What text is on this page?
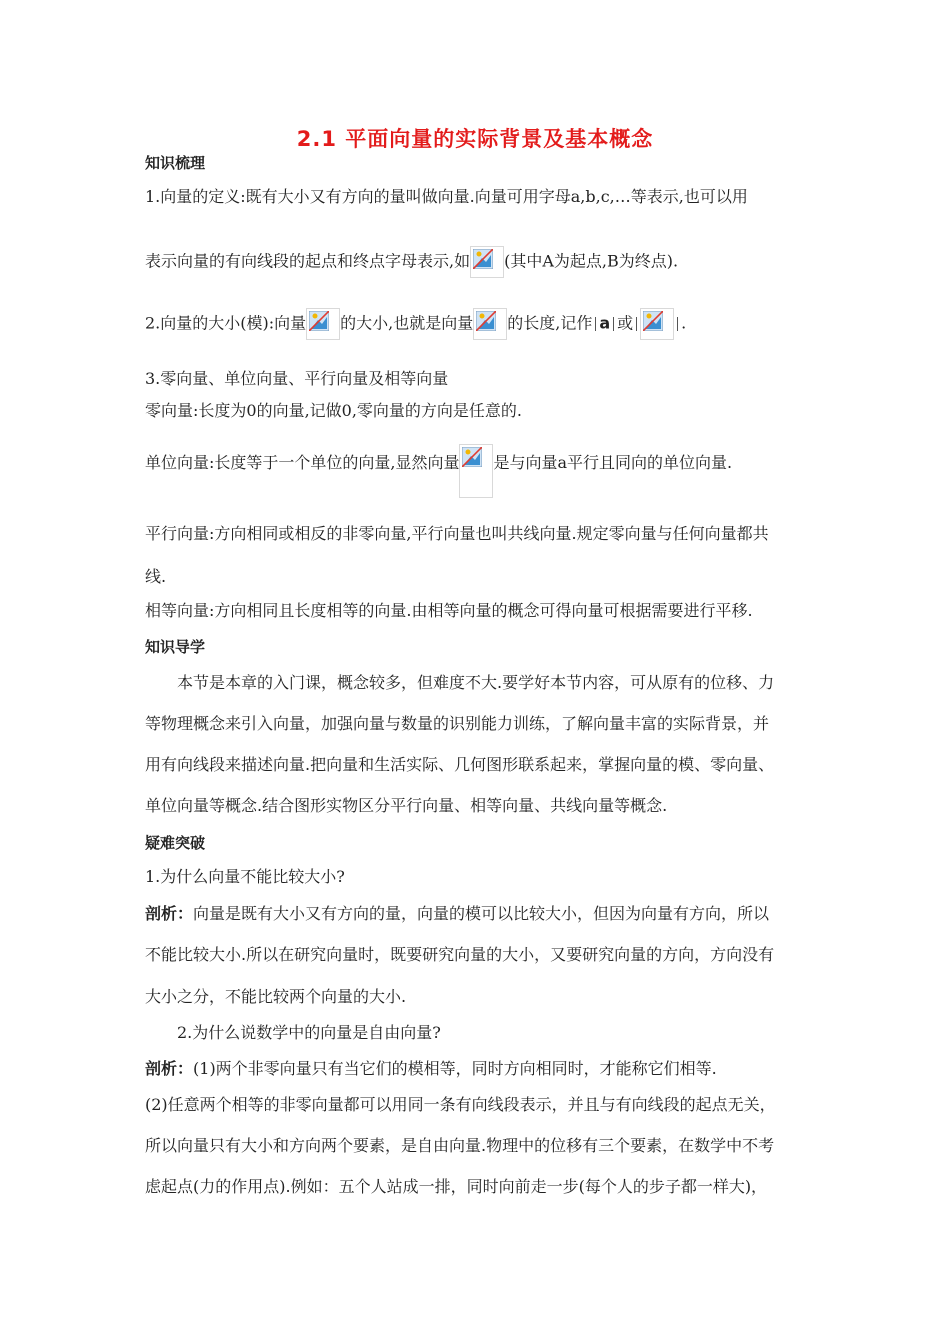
2.1 平面向量的实际背景及基本概念
知识梳理
1.向量的定义:既有大小又有方向的量叫做向量.向量可用字母a,b,c,…等表示,也可以用
表示向量的有向线段的起点和终点字母表示,如 (其中A为起点,B为终点).
2.向量的大小(模):向量 的大小,也就是向量 的长度,记作 a 或	.
3.零向量、单位向量、平行向量及相等向量
零向量:长度为0的向量,记做0,零向量的方向是任意的.
单位向量:长度等于一个单位的向量,显然向量 是与向量a平行且同向的单位向量.
平行向量:方向相同或相反的非零向量,平行向量也叫共线向量.规定零向量与任何向量都共
线.
相等向量:方向相同且长度相等的向量.由相等向量的概念可得向量可根据需要进行平移.
知识导学
　　本节是本章的入门课，概念较多，但难度不大.要学好本节内容，可从原有的位移、力
等物理概念来引入向量，加强向量与数量的识别能力训练，了解向量丰富的实际背景，并
用有向线段来描述向量.把向量和生活实际、几何图形联系起来，掌握向量的模、零向量、
单位向量等概念.结合图形实物区分平行向量、相等向量、共线向量等概念.
疑难突破
1.为什么向量不能比较大小?
剖析：向量是既有大小又有方向的量，向量的模可以比较大小，但因为向量有方向，所以
不能比较大小.所以在研究向量时，既要研究向量的大小，又要研究向量的方向，方向没有
大小之分，不能比较两个向量的大小.
　　2.为什么说数学中的向量是自由向量?
剖析：(1)两个非零向量只有当它们的模相等，同时方向相同时，才能称它们相等.
(2)任意两个相等的非零向量都可以用同一条有向线段表示，并且与有向线段的起点无关，
所以向量只有大小和方向两个要素，是自由向量.物理中的位移有三个要素，在数学中不考
虑起点(力的作用点).例如：五个人站成一排，同时向前走一步(每个人的步子都一样大)，
